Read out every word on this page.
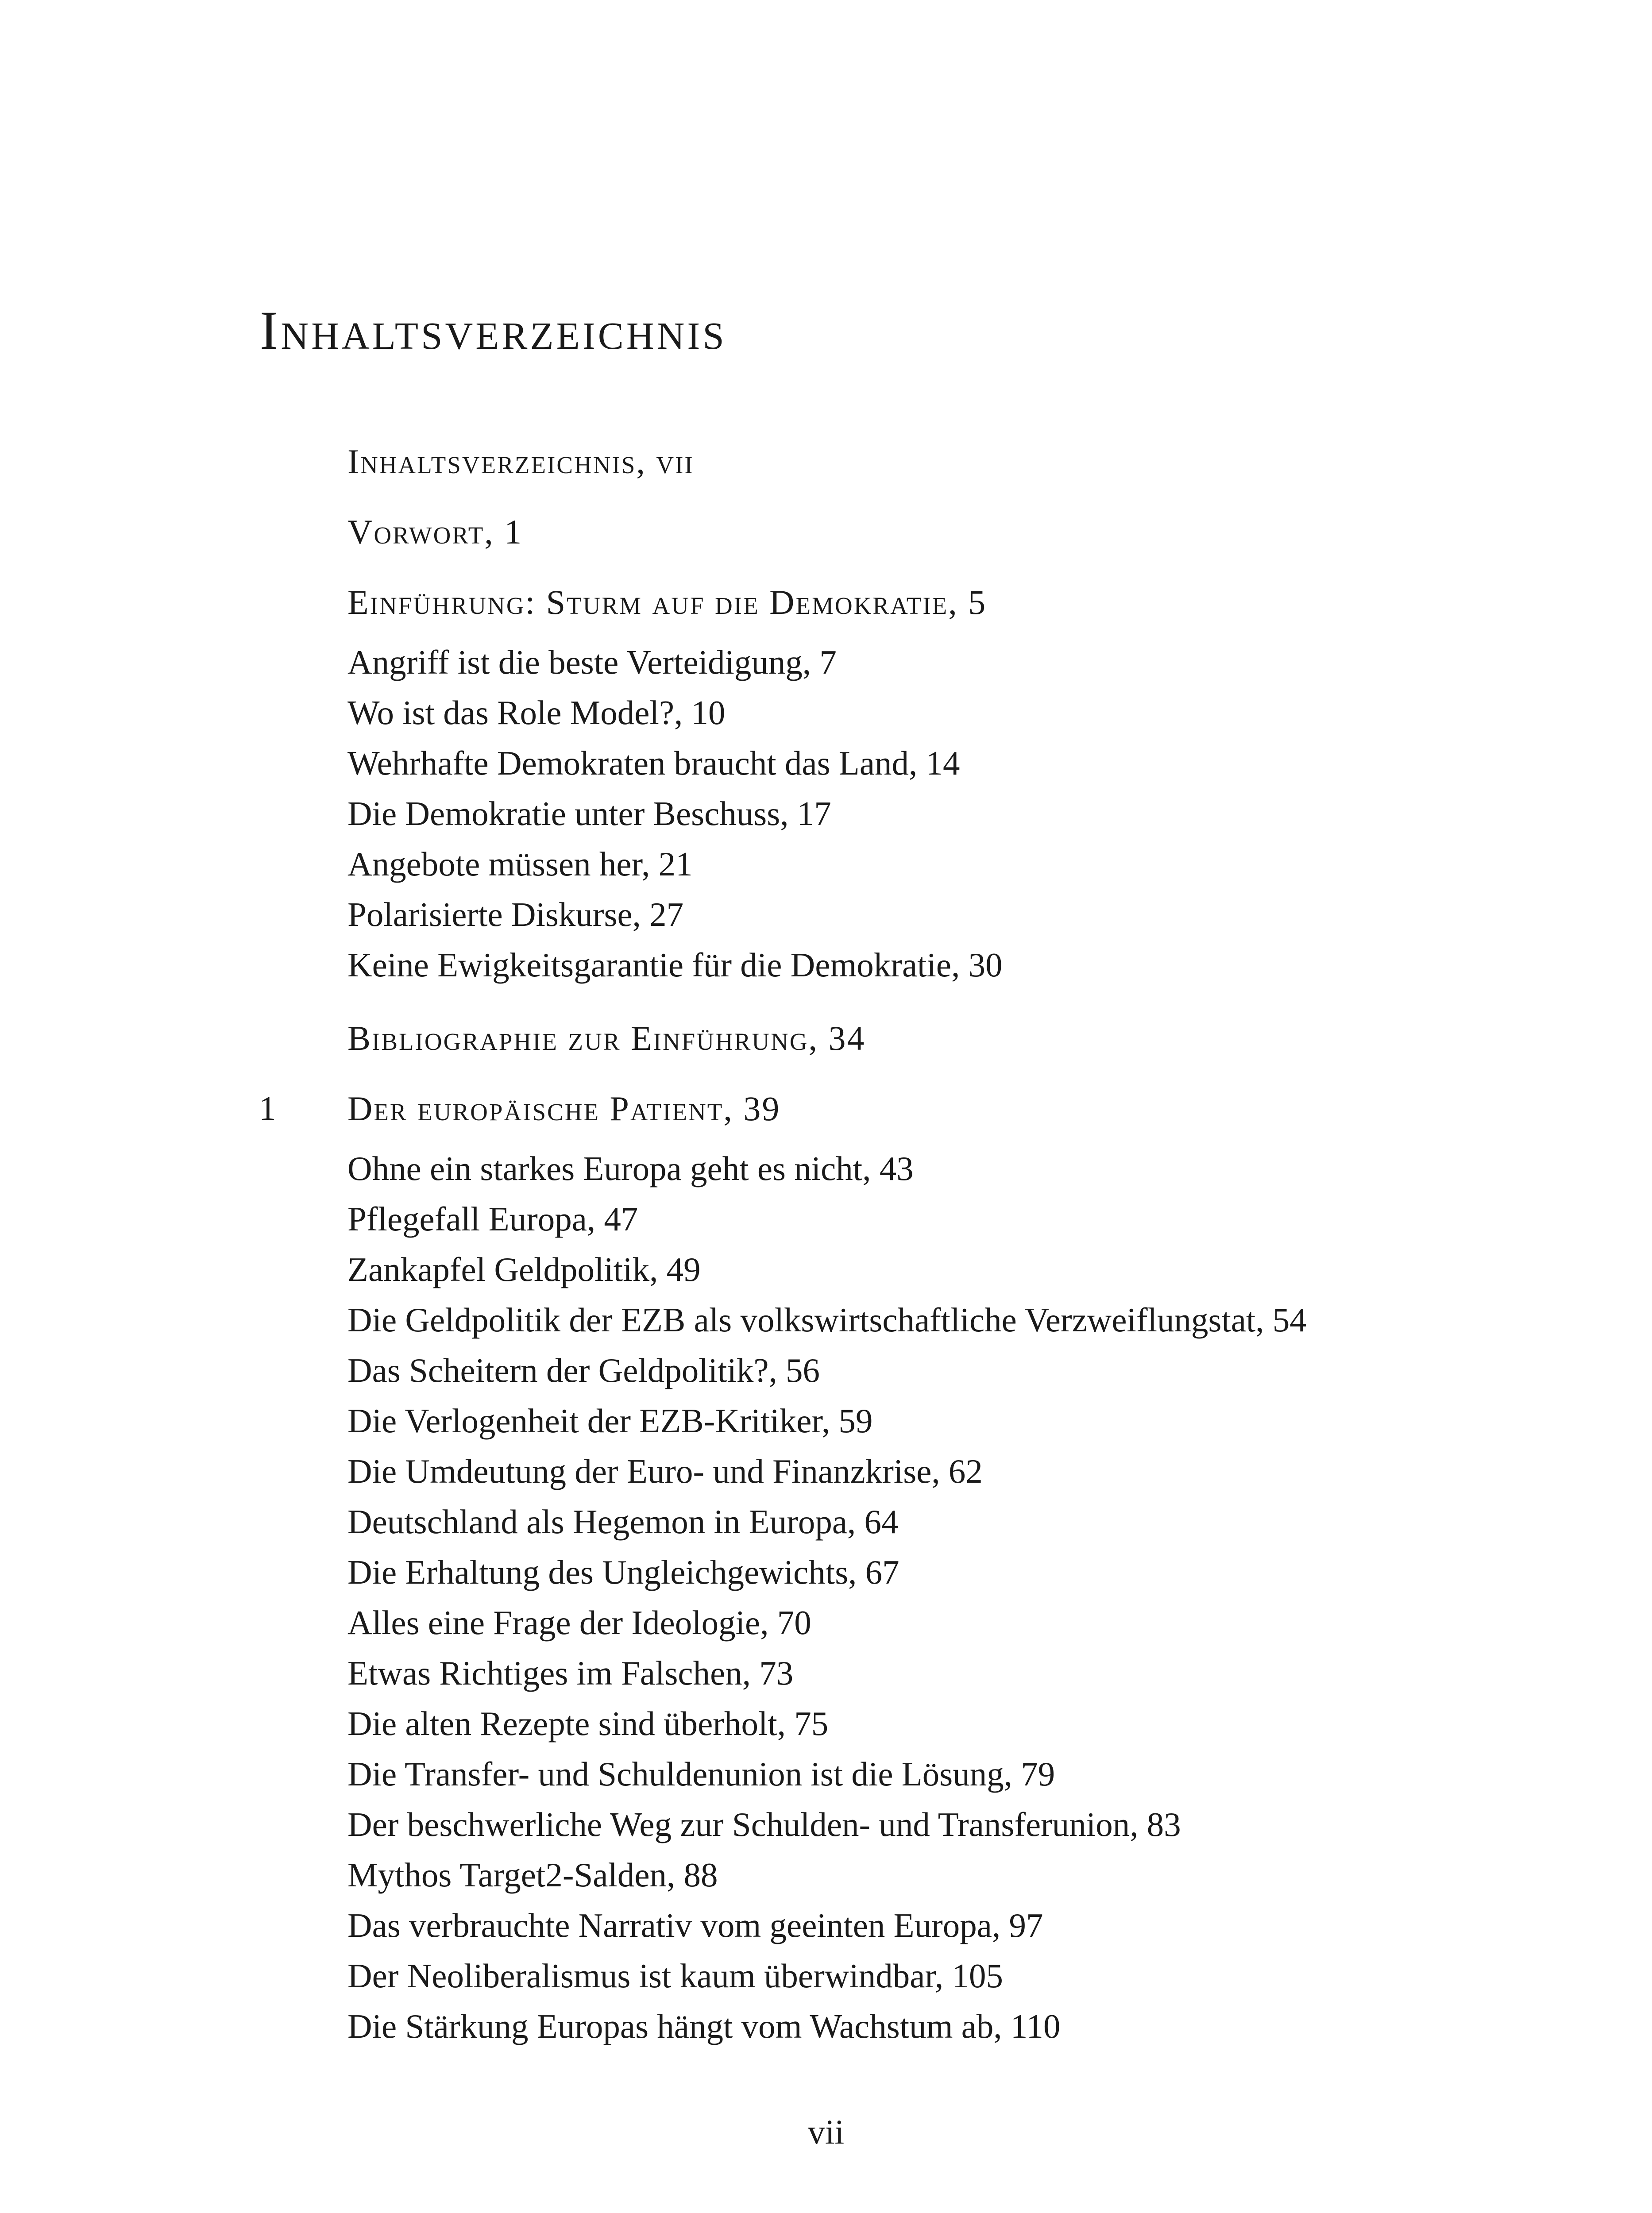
Inhaltsverzeichnis
Inhaltsverzeichnis, vii
Vorwort, 1
Einführung: Sturm auf die Demokratie, 5
Angriff ist die beste Verteidigung, 7
Wo ist das Role Model?, 10
Wehrhafte Demokraten braucht das Land, 14
Die Demokratie unter Beschuss, 17
Angebote müssen her, 21
Polarisierte Diskurse, 27
Keine Ewigkeitsgarantie für die Demokratie, 30
Bibliographie zur Einführung, 34
1 Der europäische Patient, 39
Ohne ein starkes Europa geht es nicht, 43
Pflegefall Europa, 47
Zankapfel Geldpolitik, 49
Die Geldpolitik der EZB als volkswirtschaftliche Verzweiflungstat, 54
Das Scheitern der Geldpolitik?, 56
Die Verlogenheit der EZB-Kritiker, 59
Die Umdeutung der Euro- und Finanzkrise, 62
Deutschland als Hegemon in Europa, 64
Die Erhaltung des Ungleichgewichts, 67
Alles eine Frage der Ideologie, 70
Etwas Richtiges im Falschen, 73
Die alten Rezepte sind überholt, 75
Die Transfer- und Schuldenunion ist die Lösung, 79
Der beschwerliche Weg zur Schulden- und Transferunion, 83
Mythos Target2-Salden, 88
Das verbrauchte Narrativ vom geeinten Europa, 97
Der Neoliberalismus ist kaum überwindbar, 105
Die Stärkung Europas hängt vom Wachstum ab, 110
vii
